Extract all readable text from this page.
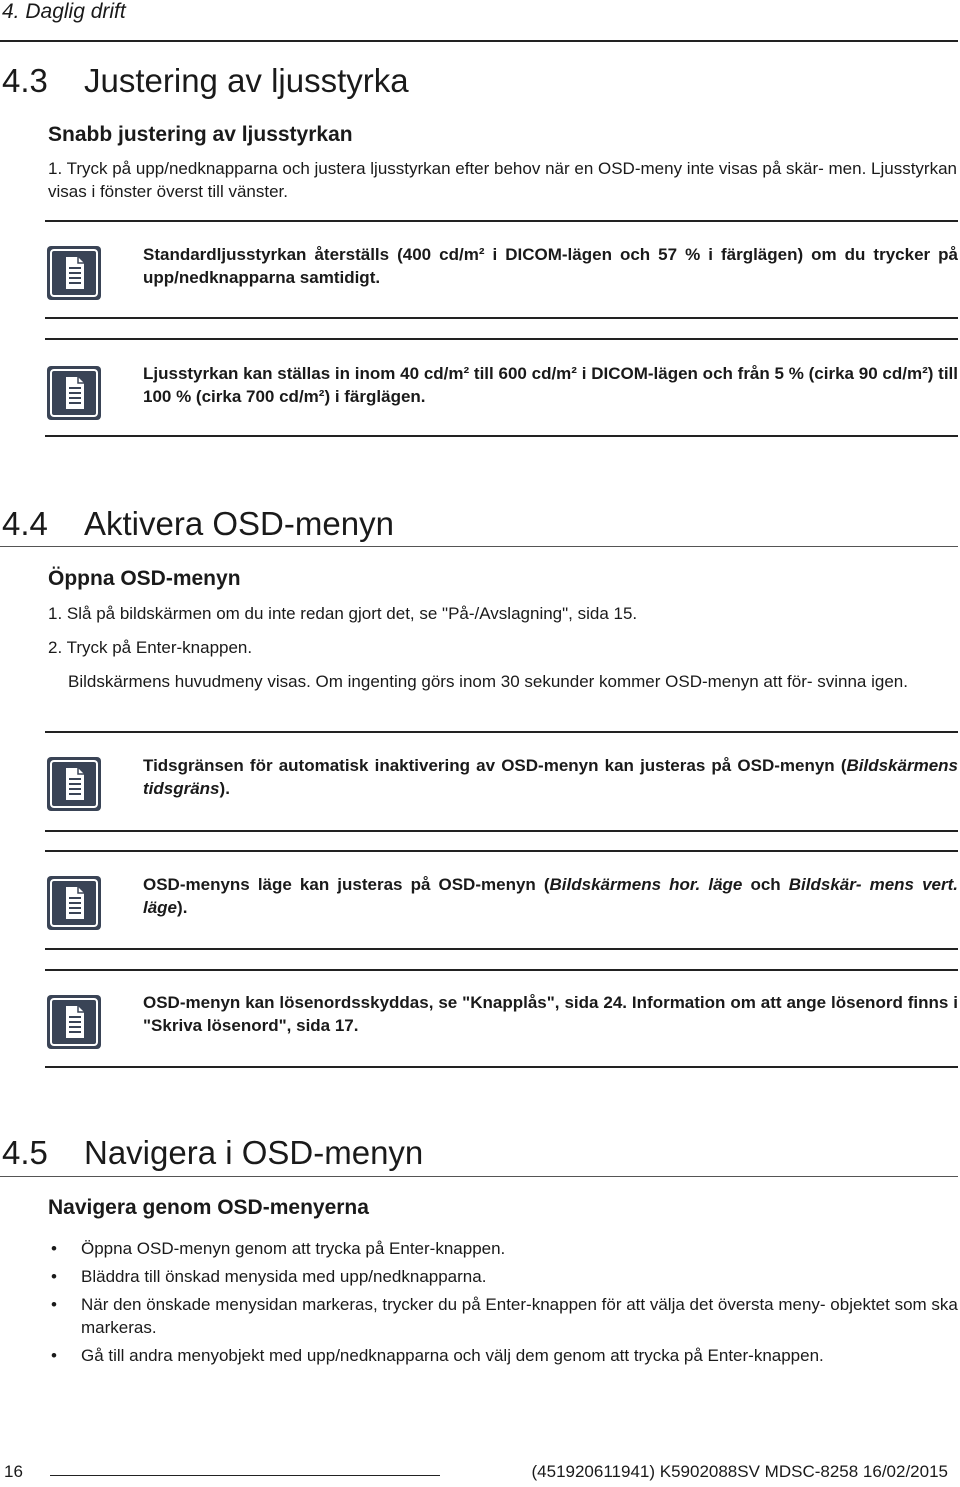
4. Daglig drift
4.3 Justering av ljusstyrka
Snabb justering av ljusstyrkan
1. Tryck på upp/nedknapparna och justera ljusstyrkan efter behov när en OSD-meny inte visas på skär- men. Ljusstyrkan visas i fönster överst till vänster.
Standardljusstyrkan återställs (400 cd/m² i DICOM-lägen och 57 % i färglägen) om du trycker på upp/nedknapparna samtidigt.
Ljusstyrkan kan ställas in inom 40 cd/m² till 600 cd/m² i DICOM-lägen och från 5 % (cirka 90 cd/m²) till 100 % (cirka 700 cd/m²) i färglägen.
4.4 Aktivera OSD-menyn
Öppna OSD-menyn
1. Slå på bildskärmen om du inte redan gjort det, se "På-/Avslagning", sida 15.
2. Tryck på Enter-knappen.
Bildskärmens huvudmeny visas. Om ingenting görs inom 30 sekunder kommer OSD-menyn att för- svinna igen.
Tidsgränsen för automatisk inaktivering av OSD-menyn kan justeras på OSD-menyn (Bildskärmens tidsgräns).
OSD-menyns läge kan justeras på OSD-menyn (Bildskärmens hor. läge och Bildskär- mens vert. läge).
OSD-menyn kan lösenordsskyddas, se "Knapplås", sida 24. Information om att ange lösenord finns i "Skriva lösenord", sida 17.
4.5 Navigera i OSD-menyn
Navigera genom OSD-menyerna
• Öppna OSD-menyn genom att trycka på Enter-knappen.
• Bläddra till önskad menysida med upp/nedknapparna.
• När den önskade menysidan markeras, trycker du på Enter-knappen för att välja det översta meny- objektet som ska markeras.
• Gå till andra menyobjekt med upp/nedknapparna och välj dem genom att trycka på Enter-knappen.
16	(451920611941) K5902088SV MDSC-8258 16/02/2015
